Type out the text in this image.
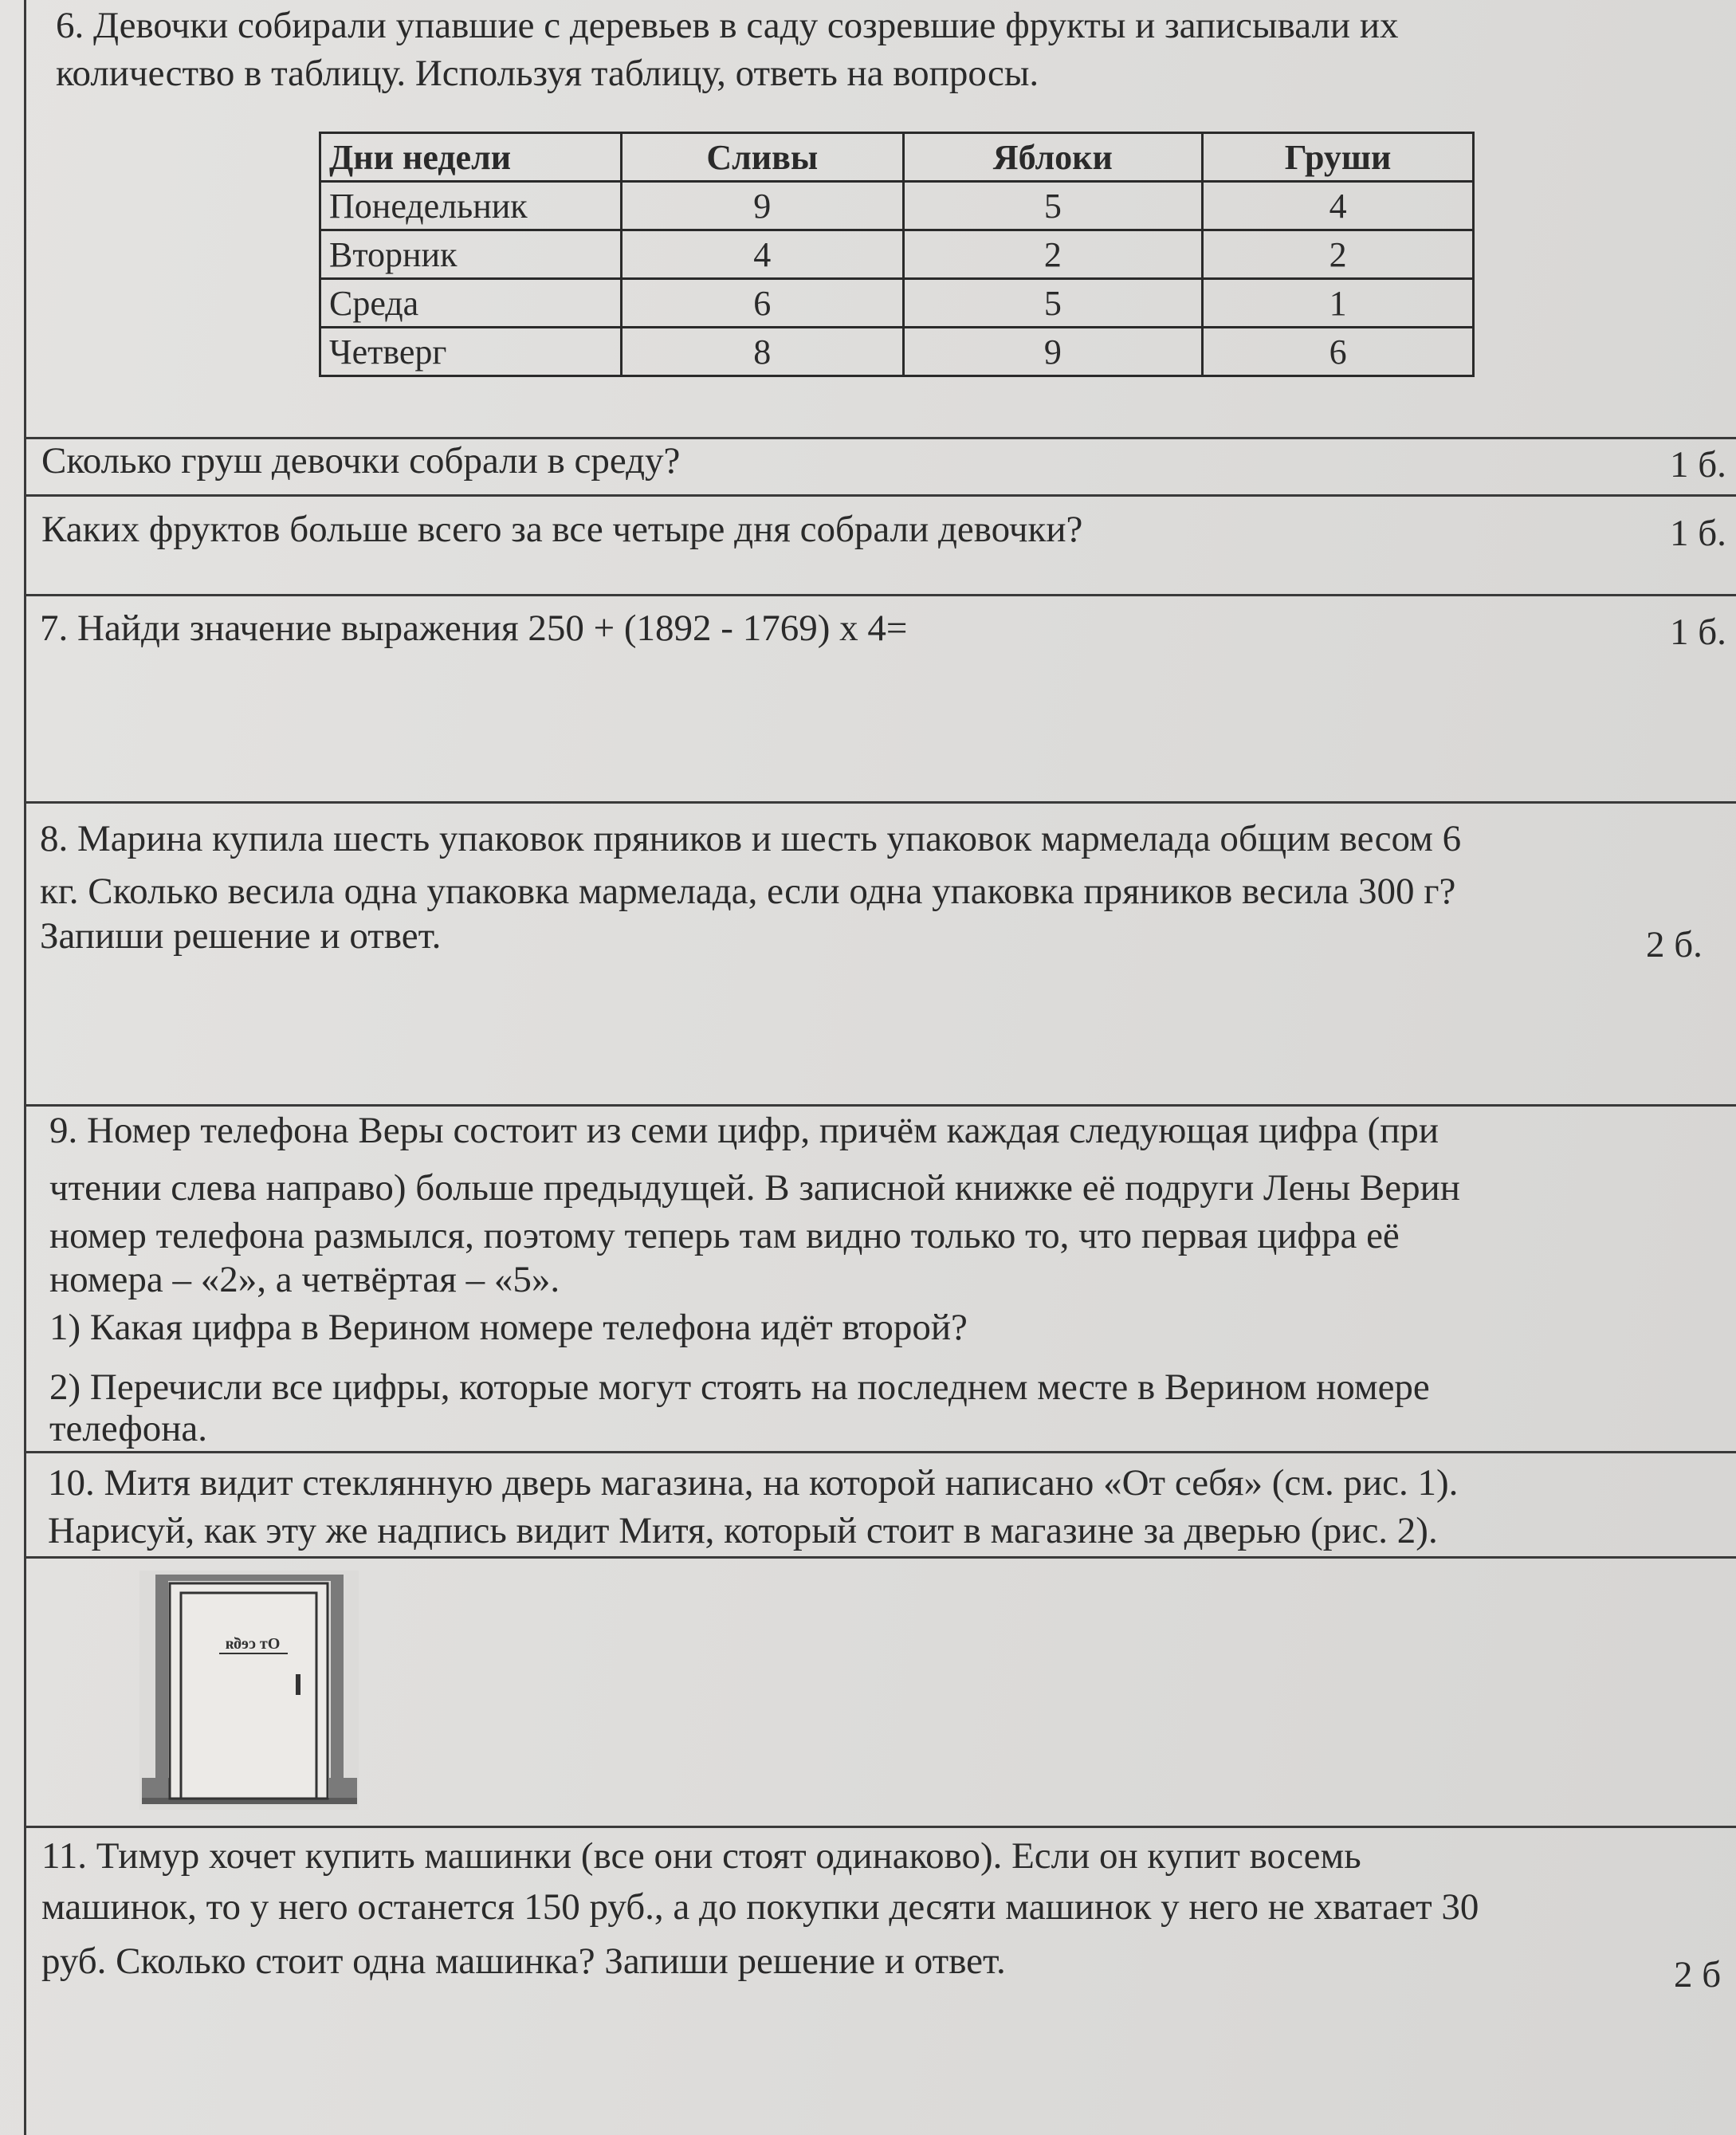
6. Девочки собирали упавшие с деревьев в саду созревшие фрукты и записывали их
количество в таблицу. Используя таблицу, ответь на вопросы.
Дни недели	Сливы	Яблоки	Груши
Понедельник	9	5	4
Вторник	4	2	2
Среда	6	5	1
Четверг	8	9	6
Сколько груш девочки собрали в среду?	1 б.
Каких фруктов больше всего за все четыре дня собрали девочки?	1 б.
7. Найди значение выражения 250 + (1892 - 1769) х 4=	1 б.
8. Марина купила шесть упаковок пряников и шесть упаковок мармелада общим весом 6
кг. Сколько весила одна упаковка мармелада, если одна упаковка пряников весила 300 г?
Запиши решение и ответ.	2 б.
9. Номер телефона Веры состоит из семи цифр, причём каждая следующая цифра (при
чтении слева направо) больше предыдущей. В записной книжке её подруги Лены Верин
номер телефона размылся, поэтому теперь там видно только то, что первая цифра её
номера – «2», а четвёртая – «5».
1) Какая цифра в Верином номере телефона идёт второй?
2) Перечисли все цифры, которые могут стоять на последнем месте в Верином номере
телефона.
10. Митя видит стеклянную дверь магазина, на которой написано «От себя» (см. рис. 1).
Нарисуй, как эту же надпись видит Митя, который стоит в магазине за дверью (рис. 2).
От себя
11. Тимур хочет купить машинки (все они стоят одинаково). Если он купит восемь
машинок, то у него останется 150 руб., а до покупки десяти машинок у него не хватает 30
руб. Сколько стоит одна машинка? Запиши решение и ответ.	2 б
